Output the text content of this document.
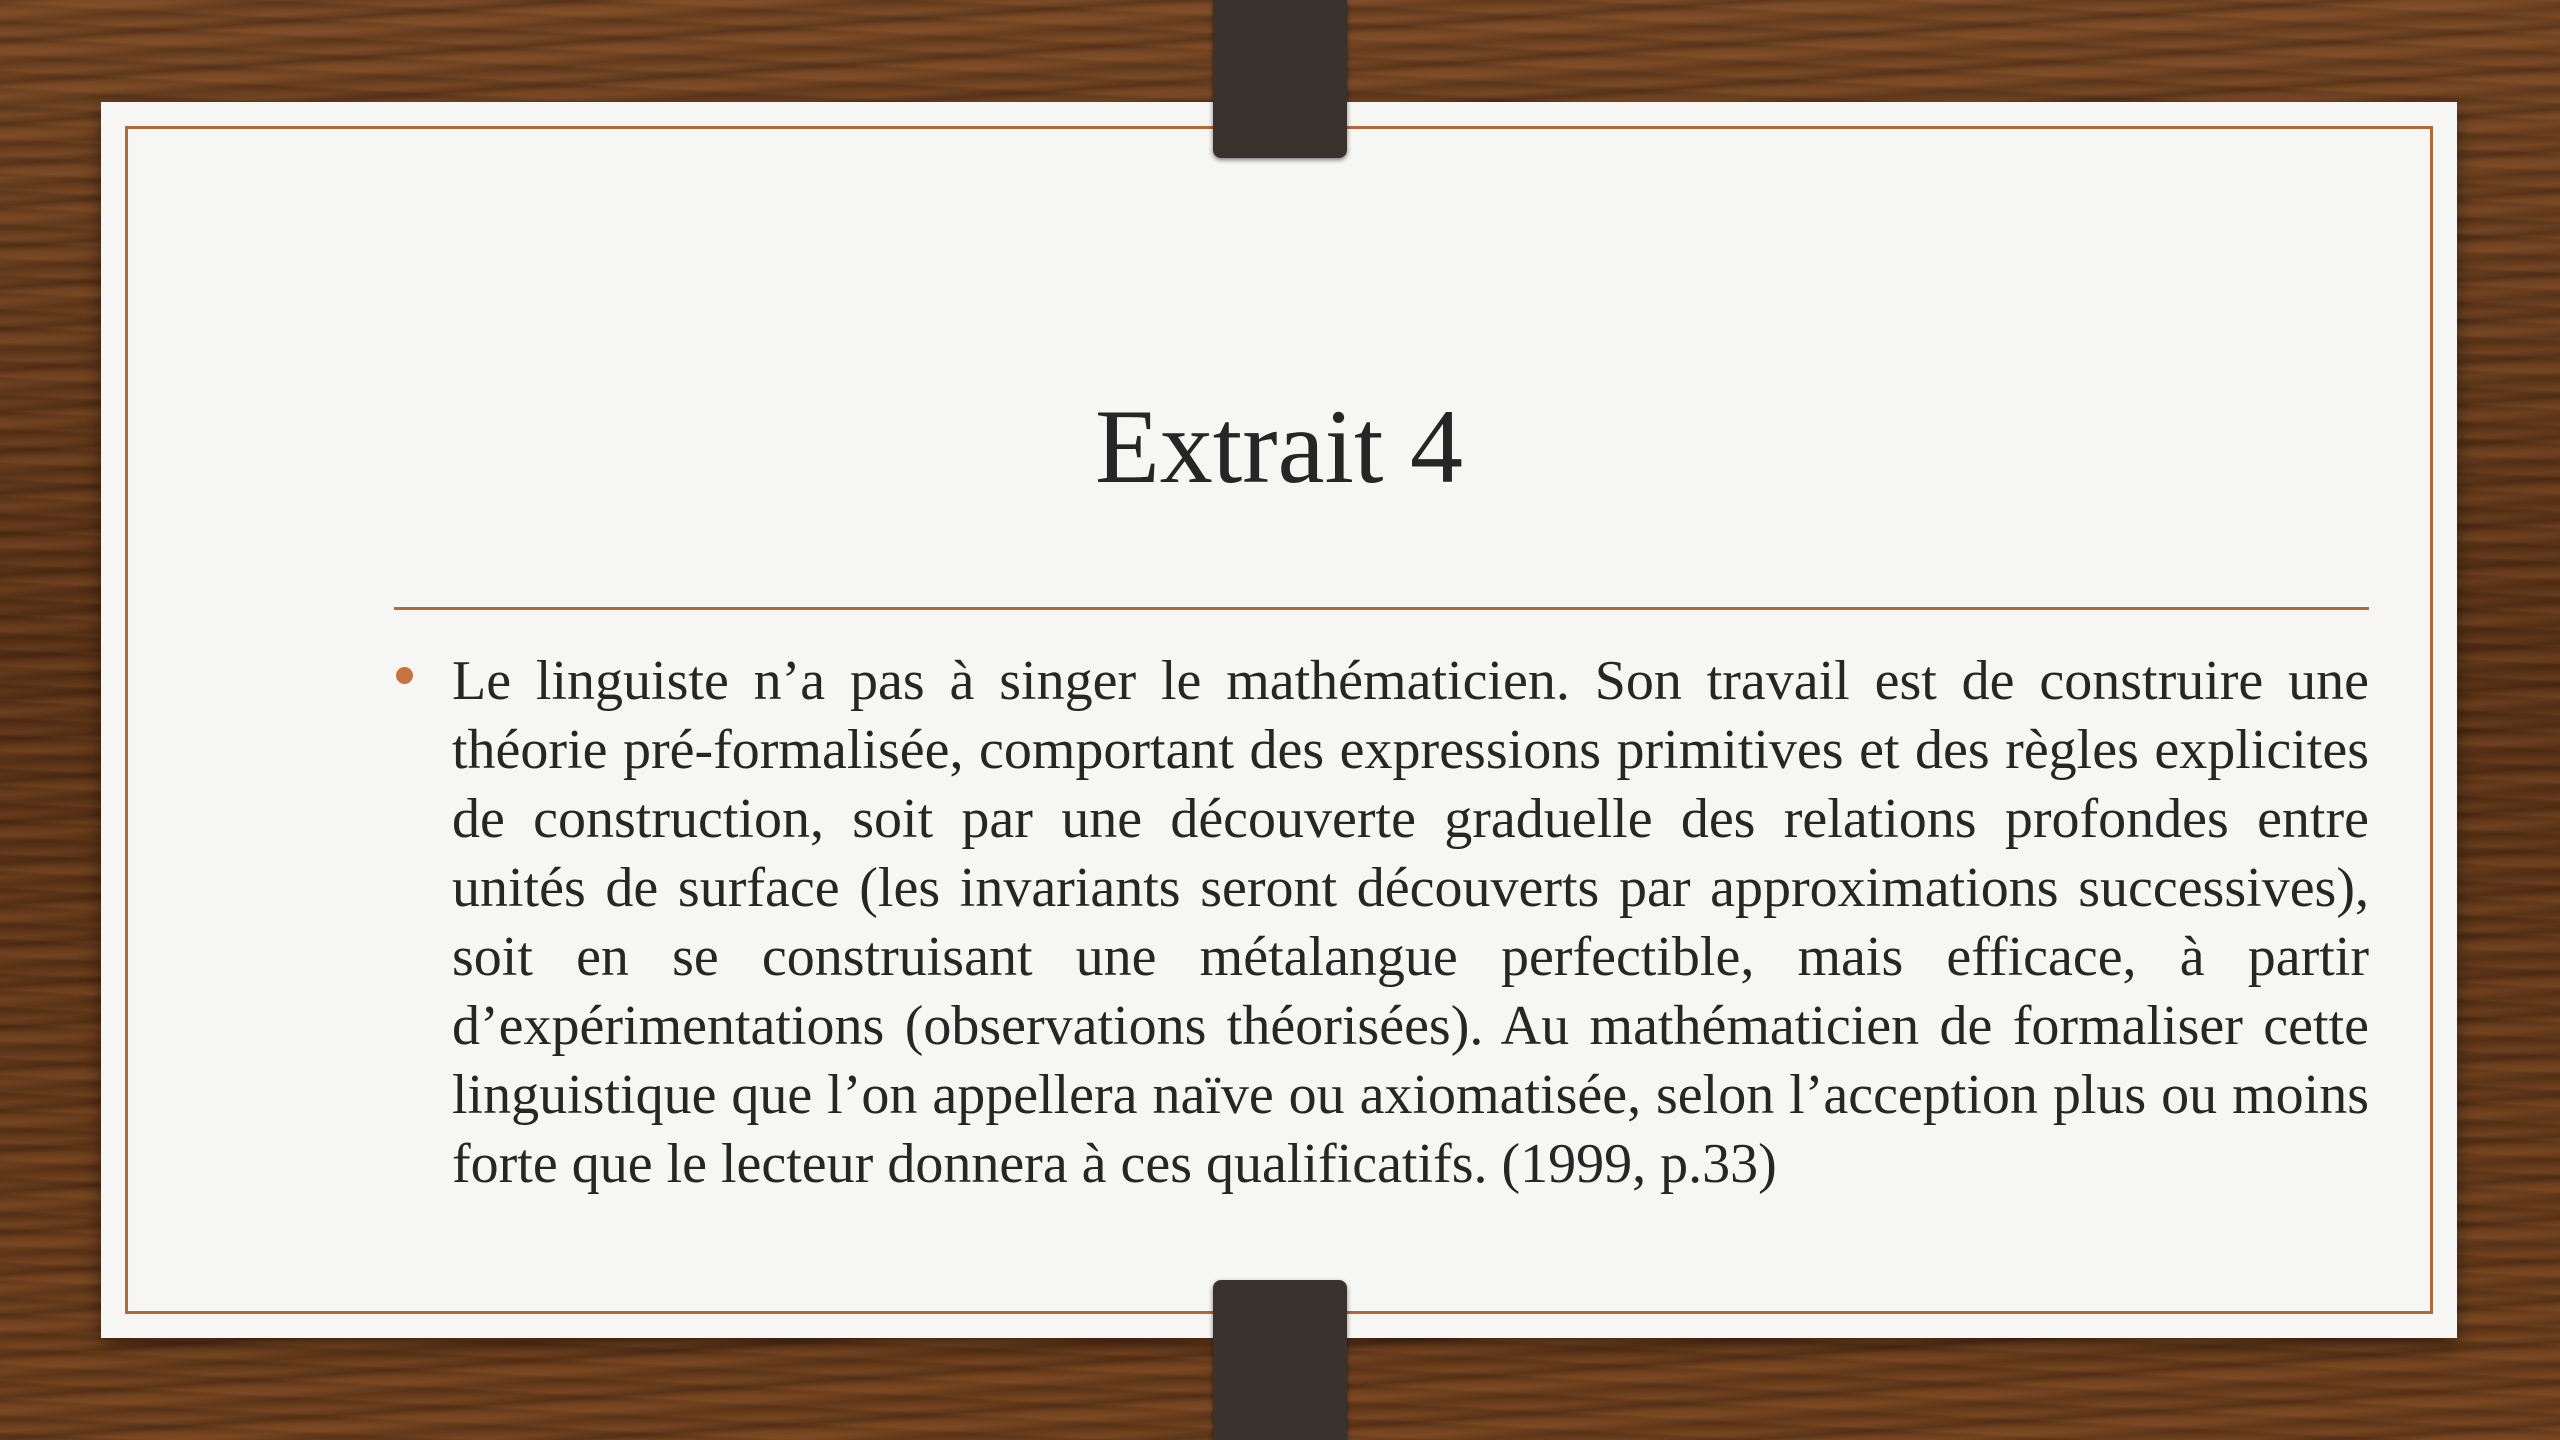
Extrait 4
Le linguiste n’a pas à singer le mathématicien. Son travail est de construire une théorie pré-formalisée, comportant des expressions primitives et des règles explicites de construction, soit par une découverte graduelle des relations profondes entre unités de surface (les invariants seront découverts par approximations successives), soit en se construisant une métalangue perfectible, mais efficace, à partir d’expérimentations (observations théorisées). Au mathématicien de formaliser cette linguistique que l’on appellera naïve ou axiomatisée, selon l’acception plus ou moins forte que le lecteur donnera à ces qualificatifs. (1999, p.33)
